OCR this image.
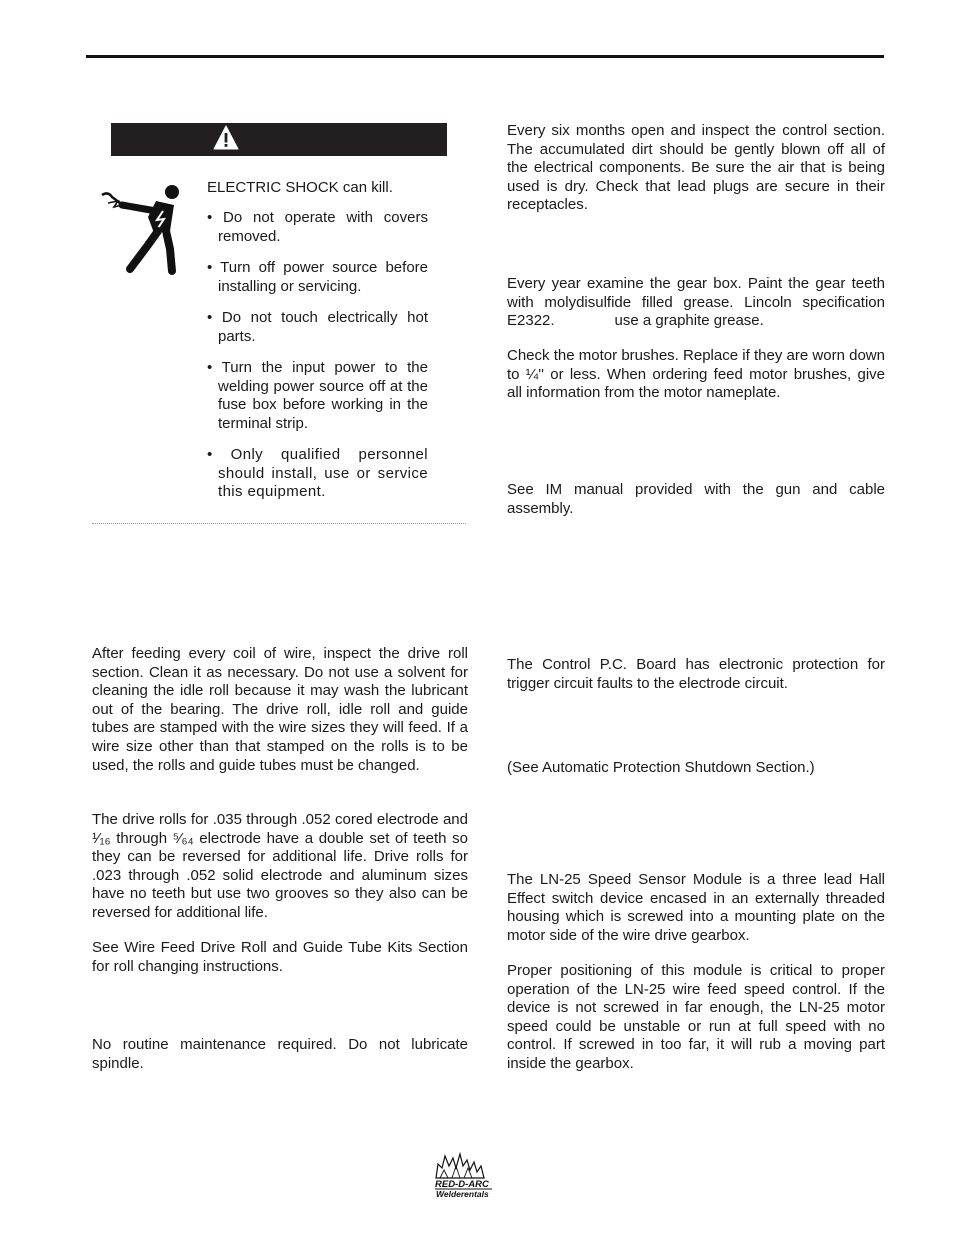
ELECTRIC SHOCK can kill.

• Do not operate with covers removed.

• Turn off power source before installing or servicing.

• Do not touch electrically hot parts.

• Turn the input power to the welding power source off at the fuse box before working in the terminal strip.

• Only qualified personnel should install, use or service this equipment.

After feeding every coil of wire, inspect the drive roll section. Clean it as necessary. Do not use a solvent for cleaning the idle roll because it may wash the lubricant out of the bearing. The drive roll, idle roll and guide tubes are stamped with the wire sizes they will feed. If a wire size other than that stamped on the rolls is to be used, the rolls and guide tubes must be changed.

The drive rolls for .035 through .052 cored electrode and ¹⁄₁₆ through ⁵⁄₆₄ electrode have a double set of teeth so they can be reversed for additional life. Drive rolls for .023 through .052 solid electrode and aluminum sizes have no teeth but use two grooves so they also can be reversed for additional life.

See Wire Feed Drive Roll and Guide Tube Kits Section for roll changing instructions.

No routine maintenance required. Do not lubricate spindle.

Every six months open and inspect the control section. The accumulated dirt should be gently blown off all of the electrical components. Be sure the air that is being used is dry. Check that lead plugs are secure in their receptacles.

Every year examine the gear box. Paint the gear teeth with molydisulfide filled grease. Lincoln specification E2322.	use a graphite grease.

Check the motor brushes. Replace if they are worn down to ¼'' or less. When ordering feed motor brushes, give all information from the motor nameplate.

See IM manual provided with the gun and cable assembly.

The Control P.C. Board has electronic protection for trigger circuit faults to the electrode circuit.

(See Automatic Protection Shutdown Section.)

The LN-25 Speed Sensor Module is a three lead Hall Effect switch device encased in an externally threaded housing which is screwed into a mounting plate on the motor side of the wire drive gearbox.

Proper positioning of this module is critical to proper operation of the LN-25 wire feed speed control. If the device is not screwed in far enough, the LN-25 motor speed could be unstable or run at full speed with no control. If screwed in too far, it will rub a moving part inside the gearbox.

RED-D-ARC
Welderentals
